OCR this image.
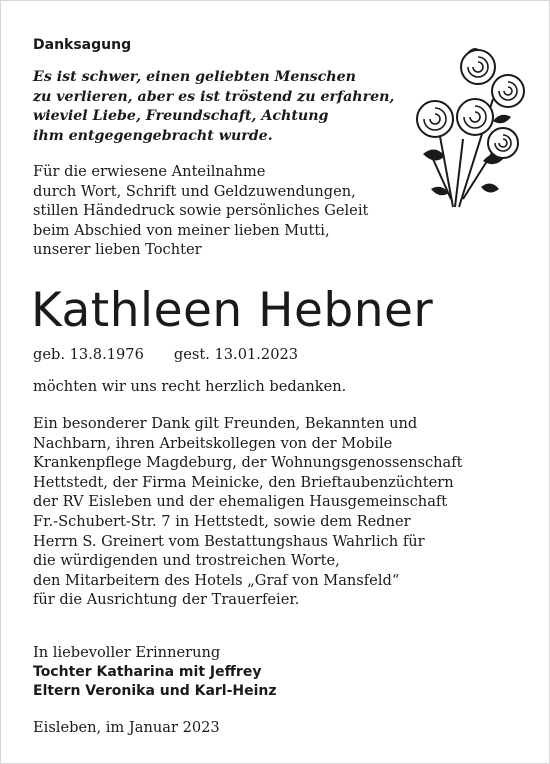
Danksagung
Es ist schwer, einen geliebten Menschen
zu verlieren, aber es ist tröstend zu erfahren,
wieviel Liebe, Freundschaft, Achtung
ihm entgegengebracht wurde.
Für die erwiesene Anteilnahme
durch Wort, Schrift und Geldzuwendungen,
stillen Händedruck sowie persönliches Geleit
beim Abschied von meiner lieben Mutti,
unserer lieben Tochter
Kathleen Hebner
geb. 13.8.1976 gest. 13.01.2023
möchten wir uns recht herzlich bedanken.
Ein besonderer Dank gilt Freunden, Bekannten und
Nachbarn, ihren Arbeitskollegen von der Mobile
Krankenpflege Magdeburg, der Wohnungsgenossenschaft
Hettstedt, der Firma Meinicke, den Brieftaubenzüchtern
der RV Eisleben und der ehemaligen Hausgemeinschaft
Fr.-Schubert-Str. 7 in Hettstedt, sowie dem Redner
Herrn S. Greinert vom Bestattungshaus Wahrlich für
die würdigenden und trostreichen Worte,
den Mitarbeitern des Hotels „Graf von Mansfeld“
für die Ausrichtung der Trauerfeier.
In liebevoller Erinnerung
Tochter Katharina mit Jeffrey
Eltern Veronika und Karl-Heinz
Eisleben, im Januar 2023
